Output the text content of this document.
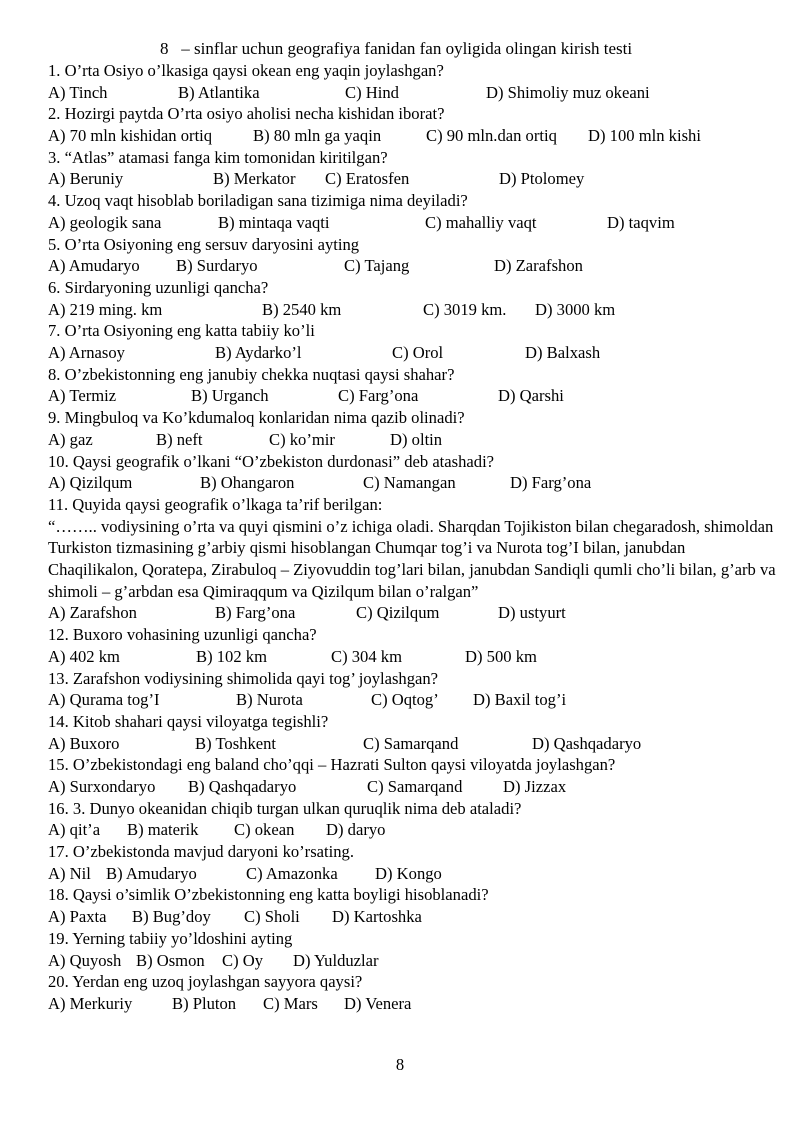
8   – sinflar uchun geografiya fanidan fan oyligida olingan kirish testi
1. O’rta Osiyo o’lkasiga qaysi okean eng yaqin joylashgan?
A) Tinch	B) Atlantika	C) Hind	D) Shimoliy muz okeani
2. Hozirgi paytda O’rta osiyo aholisi necha kishidan iborat?
A) 70 mln kishidan ortiq B) 80 mln ga yaqin	C) 90 mln.dan ortiq D) 100 mln kishi
3. “Atlas” atamasi fanga kim tomonidan kiritilgan?
A) Beruniy	B) Merkator C) Eratosfen	D) Ptolomey
4. Uzoq vaqt hisoblab boriladigan sana tizimiga nima deyiladi?
A) geologik sana	B) mintaqa vaqti	C) mahalliy vaqt	D) taqvim
5. O’rta Osiyoning eng sersuv daryosini ayting
A) Amudaryo B) Surdaryo	C) Tajang	D) Zarafshon
6. Sirdaryoning uzunligi qancha?
A) 219 ming. km	B) 2540 km	C) 3019 km. D) 3000 km
7. O’rta Osiyoning eng katta tabiiy ko’li
A) Arnasoy	B) Aydarko’l	C) Orol	D) Balxash
8. O’zbekistonning eng janubiy chekka nuqtasi qaysi shahar?
A) Termiz	B) Urganch	C) Farg’ona	D) Qarshi
9. Mingbuloq va Ko’kdumaloq konlaridan nima qazib olinadi?
A) gaz	B) neft	C) ko’mir	D) oltin
10. Qaysi geografik o’lkani “O’zbekiston durdonasi” deb atashadi?
A) Qizilqum	B) Ohangaron	C) Namangan	D) Farg’ona
11. Quyida qaysi geografik o’lkaga ta’rif berilgan:
“…….. vodiysining o’rta va quyi qismini o’z ichiga oladi. Sharqdan Tojikiston bilan chegaradosh, shimoldan Turkiston tizmasining g’arbiy qismi hisoblangan Chumqar tog’i va Nurota tog’I bilan, janubdan Chaqilikalon, Qoratepa, Zirabuloq – Ziyovuddin tog’lari bilan, janubdan Sandiqli qumli cho’li bilan, g’arb va shimoli – g’arbdan esa Qimiraqqum va Qizilqum bilan o’ralgan”
A) Zarafshon	B) Farg’ona	C) Qizilqum	D) ustyurt
12. Buxoro vohasining uzunligi qancha?
A) 402 km	B) 102 km	C) 304 km	D) 500 km
13. Zarafshon vodiysining shimolida qayi tog’ joylashgan?
A) Qurama tog’I	B) Nurota	C) Oqtog’ D) Baxil tog’i
14. Kitob shahari qaysi viloyatga tegishli?
A) Buxoro	B) Toshkent	C) Samarqand	D) Qashqadaryo
15. O’zbekistondagi eng baland cho’qqi – Hazrati Sulton qaysi viloyatda joylashgan?
A) Surxondaryo B) Qashqadaryo	C) Samarqand D) Jizzax
16. 3. Dunyo okeanidan chiqib turgan ulkan quruqlik nima deb ataladi?
A) qit’a B) materik C) okean D) daryo
17. O’zbekistonda mavjud daryoni ko’rsating.
A) Nil B) Amudaryo	C) Amazonka D) Kongo
18. Qaysi o’simlik O’zbekistonning eng katta boyligi hisoblanadi?
A) Paxta B) Bug’doy C) Sholi D) Kartoshka
19. Yerning tabiiy yo’ldoshini ayting
A) Quyosh B) Osmon C) Oy D) Yulduzlar
20. Yerdan eng uzoq joylashgan sayyora qaysi?
A) Merkuriy B) Pluton C) Mars D) Venera
8
